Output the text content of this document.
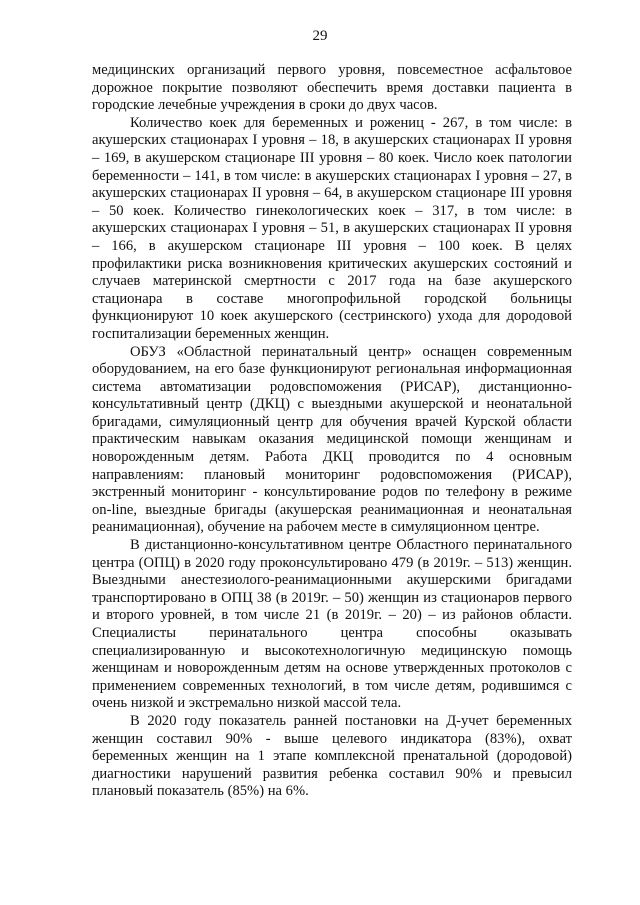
29

медицинских организаций первого уровня, повсеместное асфальтовое дорожное покрытие позволяют обеспечить время доставки пациента в городские лечебные учреждения в сроки до двух часов.

Количество коек для беременных и рожениц - 267, в том числе: в акушерских стационарах I уровня – 18, в акушерских стационарах II уровня – 169, в акушерском стационаре III уровня – 80 коек. Число коек патологии беременности – 141, в том числе: в акушерских стационарах I уровня – 27, в акушерских стационарах II уровня – 64, в акушерском стационаре III уровня – 50 коек. Количество гинекологических коек – 317, в том числе: в акушерских стационарах I уровня – 51, в акушерских стационарах II уровня – 166, в акушерском стационаре III уровня – 100 коек. В целях профилактики риска возникновения критических акушерских состояний и случаев материнской смертности с 2017 года на базе акушерского стационара в составе многопрофильной городской больницы функционируют 10 коек акушерского (сестринского) ухода для дородовой госпитализации беременных женщин.

ОБУЗ «Областной перинатальный центр» оснащен современным оборудованием, на его базе функционируют региональная информационная система автоматизации родовспоможения (РИСАР), дистанционно-консультативный центр (ДКЦ) с выездными акушерской и неонатальной бригадами, симуляционный центр для обучения врачей Курской области практическим навыкам оказания медицинской помощи женщинам и новорожденным детям. Работа ДКЦ проводится по 4 основным направлениям: плановый мониторинг родовспоможения (РИСАР), экстренный мониторинг - консультирование родов по телефону в режиме on-line, выездные бригады (акушерская реанимационная и неонатальная реанимационная), обучение на рабочем месте в симуляционном центре.

В дистанционно-консультативном центре Областного перинатального центра (ОПЦ) в 2020 году проконсультировано 479 (в 2019г. – 513) женщин. Выездными анестезиолого-реанимационными акушерскими бригадами транспортировано в ОПЦ 38 (в 2019г. – 50) женщин из стационаров первого и второго уровней, в том числе 21 (в 2019г. – 20) – из районов области. Специалисты перинатального центра способны оказывать специализированную и высокотехнологичную медицинскую помощь женщинам и новорожденным детям на основе утвержденных протоколов с применением современных технологий, в том числе детям, родившимся с очень низкой и экстремально низкой массой тела.

В 2020 году показатель ранней постановки на Д-учет беременных женщин составил 90% - выше целевого индикатора (83%), охват беременных женщин на 1 этапе комплексной пренатальной (дородовой) диагностики нарушений развития ребенка составил 90% и превысил плановый показатель (85%) на 6%.
